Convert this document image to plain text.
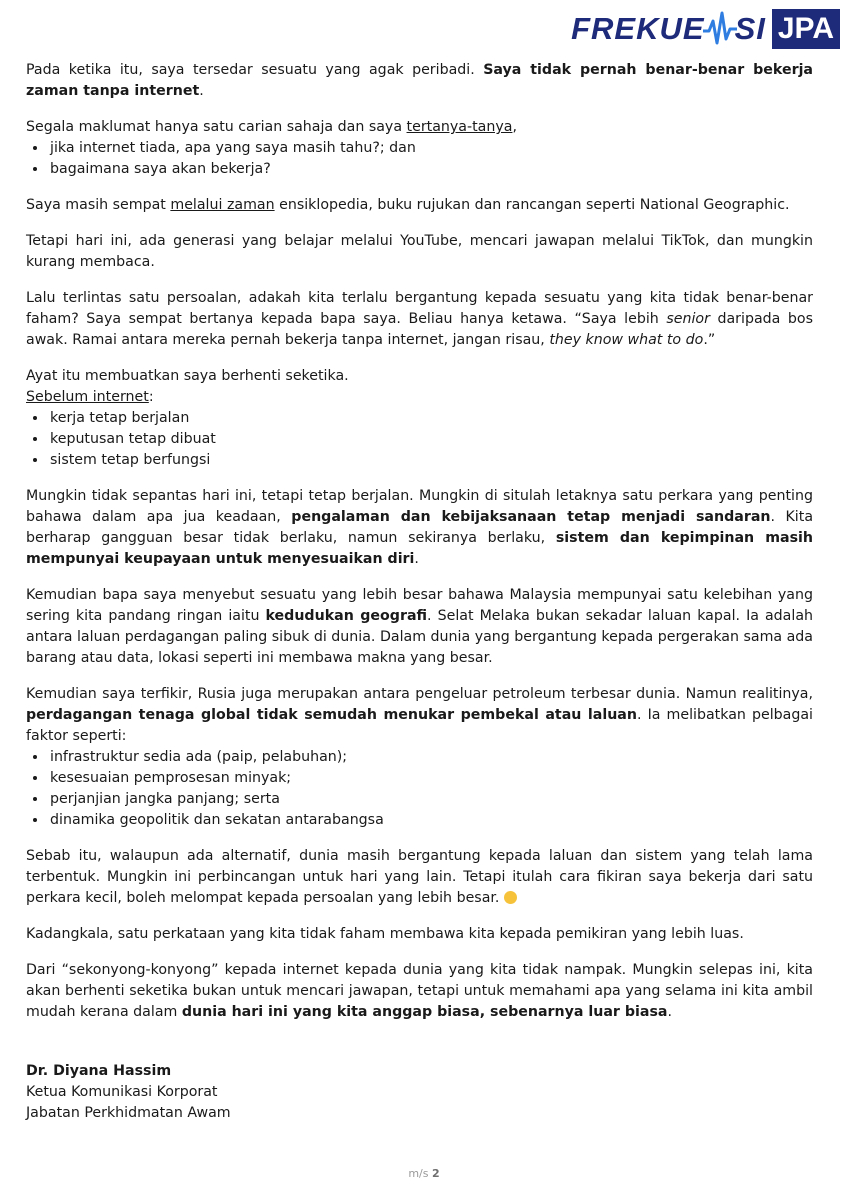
FREKUE SI JPA
Pada ketika itu, saya tersedar sesuatu yang agak peribadi. Saya tidak pernah benar-benar bekerja zaman tanpa internet.
Segala maklumat hanya satu carian sahaja dan saya tertanya-tanya,
• jika internet tiada, apa yang saya masih tahu?; dan
• bagaimana saya akan bekerja?
Saya masih sempat melalui zaman ensiklopedia, buku rujukan dan rancangan seperti National Geographic.
Tetapi hari ini, ada generasi yang belajar melalui YouTube, mencari jawapan melalui TikTok, dan mungkin kurang membaca.
Lalu terlintas satu persoalan, adakah kita terlalu bergantung kepada sesuatu yang kita tidak benar-benar faham? Saya sempat bertanya kepada bapa saya. Beliau hanya ketawa. “Saya lebih senior daripada bos awak. Ramai antara mereka pernah bekerja tanpa internet, jangan risau, they know what to do.”
Ayat itu membuatkan saya berhenti seketika.
Sebelum internet:
• kerja tetap berjalan
• keputusan tetap dibuat
• sistem tetap berfungsi
Mungkin tidak sepantas hari ini, tetapi tetap berjalan. Mungkin di situlah letaknya satu perkara yang penting bahawa dalam apa jua keadaan, pengalaman dan kebijaksanaan tetap menjadi sandaran. Kita berharap gangguan besar tidak berlaku, namun sekiranya berlaku, sistem dan kepimpinan masih mempunyai keupayaan untuk menyesuaikan diri.
Kemudian bapa saya menyebut sesuatu yang lebih besar bahawa Malaysia mempunyai satu kelebihan yang sering kita pandang ringan iaitu kedudukan geografi. Selat Melaka bukan sekadar laluan kapal. Ia adalah antara laluan perdagangan paling sibuk di dunia. Dalam dunia yang bergantung kepada pergerakan sama ada barang atau data, lokasi seperti ini membawa makna yang besar.
Kemudian saya terfikir, Rusia juga merupakan antara pengeluar petroleum terbesar dunia. Namun realitinya, perdagangan tenaga global tidak semudah menukar pembekal atau laluan. Ia melibatkan pelbagai faktor seperti:
• infrastruktur sedia ada (paip, pelabuhan);
• kesesuaian pemprosesan minyak;
• perjanjian jangka panjang; serta
• dinamika geopolitik dan sekatan antarabangsa
Sebab itu, walaupun ada alternatif, dunia masih bergantung kepada laluan dan sistem yang telah lama terbentuk. Mungkin ini perbincangan untuk hari yang lain. Tetapi itulah cara fikiran saya bekerja dari satu perkara kecil, boleh melompat kepada persoalan yang lebih besar.
Kadangkala, satu perkataan yang kita tidak faham membawa kita kepada pemikiran yang lebih luas.
Dari “sekonyong-konyong” kepada internet kepada dunia yang kita tidak nampak. Mungkin selepas ini, kita akan berhenti seketika bukan untuk mencari jawapan, tetapi untuk memahami apa yang selama ini kita ambil mudah kerana dalam dunia hari ini yang kita anggap biasa, sebenarnya luar biasa.
Dr. Diyana Hassim
Ketua Komunikasi Korporat
Jabatan Perkhidmatan Awam
m/s 2
